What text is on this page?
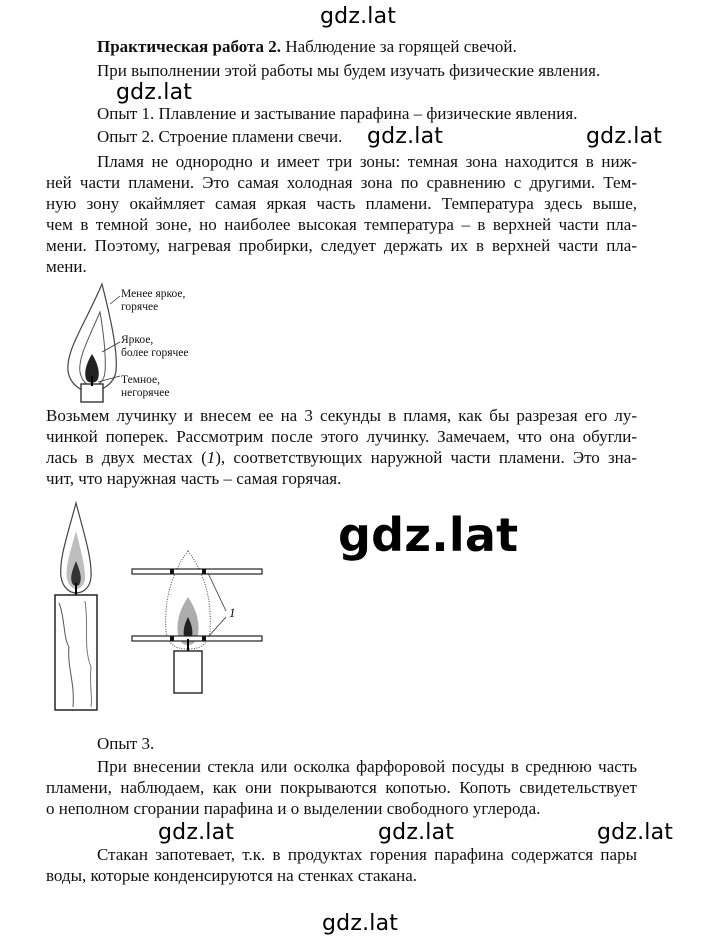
Практическая работа 2. Наблюдение за горящей свечой.
При выполнении этой работы мы будем изучать физические явления.
Опыт 1. Плавление и застывание парафина – физические явления.
Опыт 2. Строение пламени свечи.
Пламя не однородно и имеет три зоны: темная зона находится в ниж-
ней части пламени. Это самая холодная зона по сравнению с другими. Тем-
ную зону окаймляет самая яркая часть пламени. Температура здесь выше,
чем в темной зоне, но наиболее высокая температура – в верхней части пла-
мени. Поэтому, нагревая пробирки, следует держать их в верхней части пла-
мени.
Менее яркое,
горячее
Яркое,
более горячее
Темное,
негорячее
Возьмем лучинку и внесем ее на 3 секунды в пламя, как бы разрезая его лу-
чинкой поперек. Рассмотрим после этого лучинку. Замечаем, что она обугли-
лась в двух местах (1), соответствующих наружной части пламени. Это зна-
чит, что наружная часть – самая горячая.
1
Опыт 3.
При внесении стекла или осколка фарфоровой посуды в среднюю часть
пламени, наблюдаем, как они покрываются копотью. Копоть свидетельствует
о неполном сгорании парафина и о выделении свободного углерода.
Стакан запотевает, т.к. в продуктах горения парафина содержатся пары
воды, которые конденсируются на стенках стакана.
gdz.lat
gdz.lat
gdz.lat	gdz.lat
gdz.lat
gdz.lat	gdz.lat	gdz.lat
gdz.lat
